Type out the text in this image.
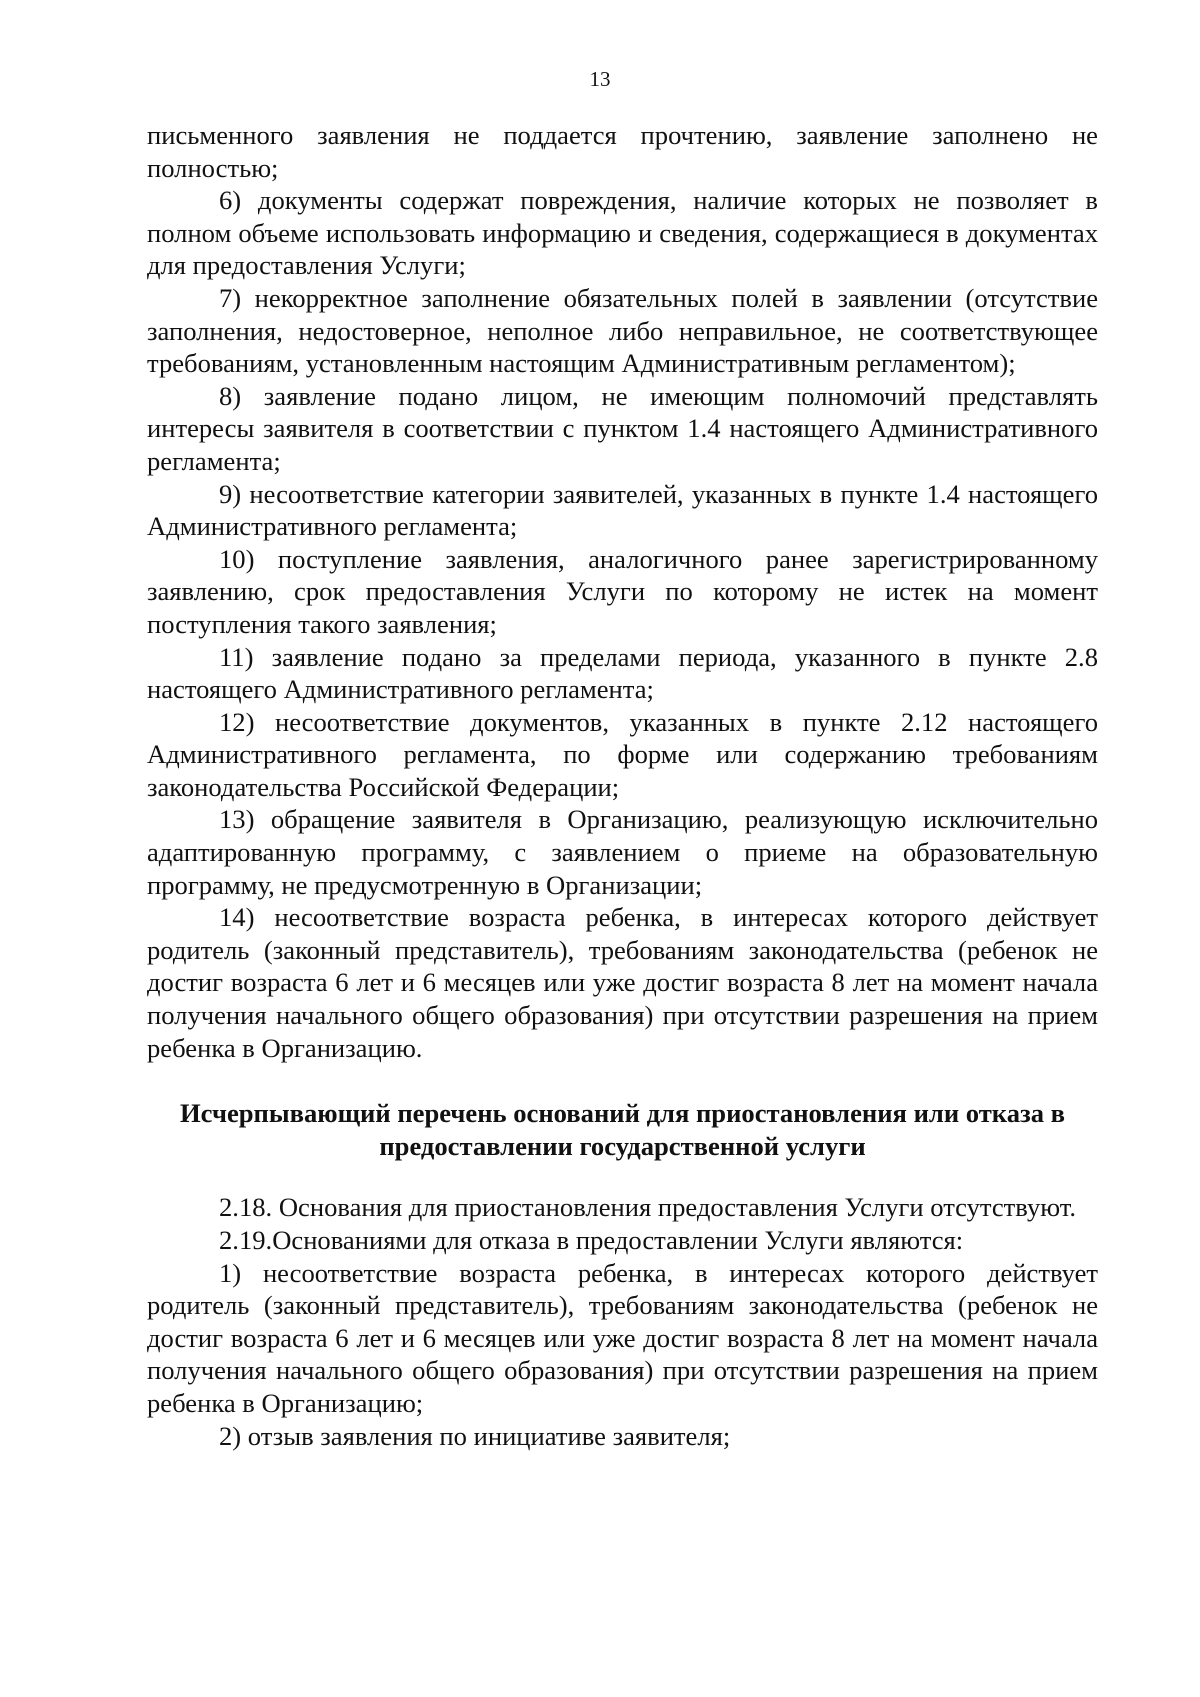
13

письменного заявления не поддается прочтению, заявление заполнено не полностью;

6) документы содержат повреждения, наличие которых не позволяет в полном объеме использовать информацию и сведения, содержащиеся в документах для предоставления Услуги;

7) некорректное заполнение обязательных полей в заявлении (отсутствие заполнения, недостоверное, неполное либо неправильное, не соответствующее требованиям, установленным настоящим Административным регламентом);

8) заявление подано лицом, не имеющим полномочий представлять интересы заявителя в соответствии с пунктом 1.4 настоящего Административного регламента;

9) несоответствие категории заявителей, указанных в пункте 1.4 настоящего Административного регламента;

10) поступление заявления, аналогичного ранее зарегистрированному заявлению, срок предоставления Услуги по которому не истек на момент поступления такого заявления;

11) заявление подано за пределами периода, указанного в пункте 2.8 настоящего Административного регламента;

12) несоответствие документов, указанных в пункте 2.12 настоящего Административного регламента, по форме или содержанию требованиям законодательства Российской Федерации;

13) обращение заявителя в Организацию, реализующую исключительно адаптированную программу, с заявлением о приеме на образовательную программу, не предусмотренную в Организации;

14) несоответствие возраста ребенка, в интересах которого действует родитель (законный представитель), требованиям законодательства (ребенок не достиг возраста 6 лет и 6 месяцев или уже достиг возраста 8 лет на момент начала получения начального общего образования) при отсутствии разрешения на прием ребенка в Организацию.

Исчерпывающий перечень оснований для приостановления или отказа в
предоставлении государственной услуги

2.18. Основания для приостановления предоставления Услуги отсутствуют.

2.19.Основаниями для отказа в предоставлении Услуги являются:

1) несоответствие возраста ребенка, в интересах которого действует родитель (законный представитель), требованиям законодательства (ребенок не достиг возраста 6 лет и 6 месяцев или уже достиг возраста 8 лет на момент начала получения начального общего образования) при отсутствии разрешения на прием ребенка в Организацию;

2) отзыв заявления по инициативе заявителя;
